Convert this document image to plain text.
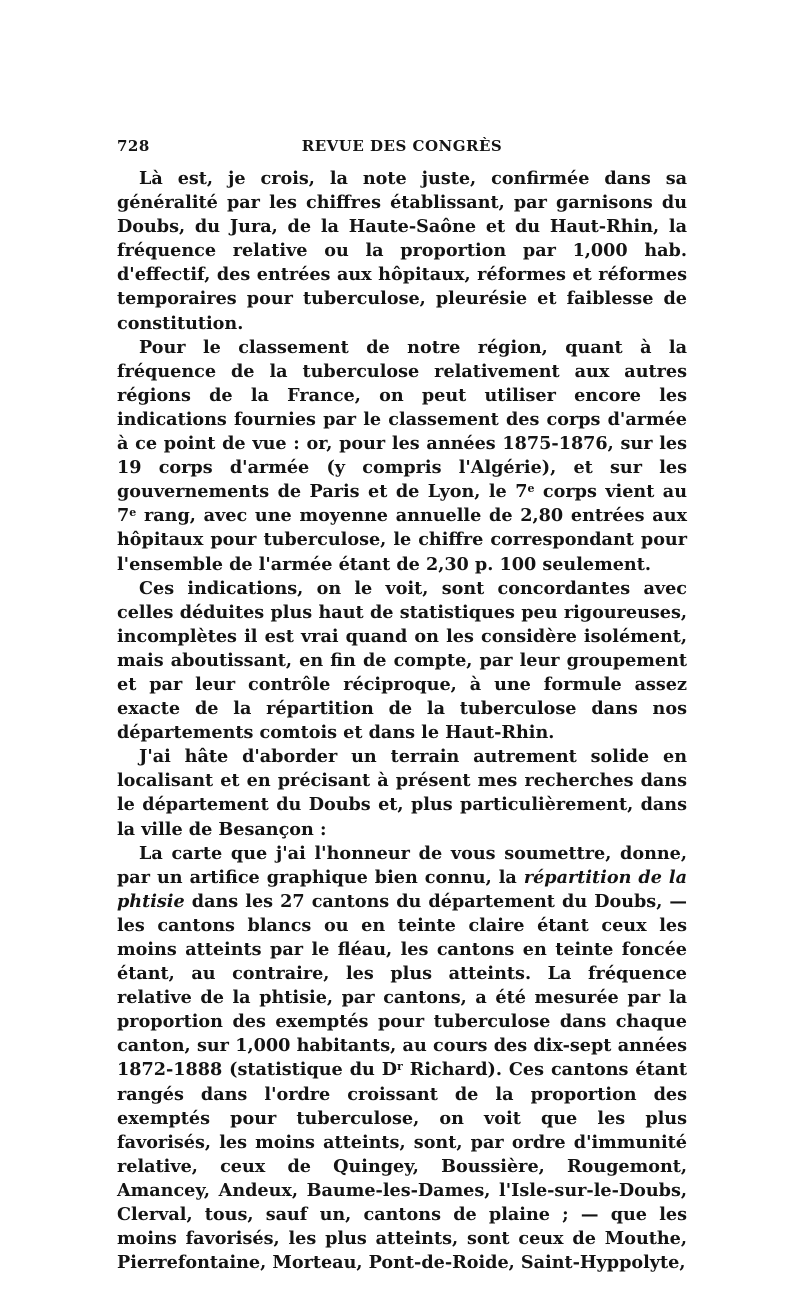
728	REVUE DES CONGRÈS

Là est, je crois, la note juste, confirmée dans sa généralité par les chiffres établissant, par garnisons du Doubs, du Jura, de la Haute-Saône et du Haut-Rhin, la fréquence relative ou la proportion par 1,000 hab. d'effectif, des entrées aux hôpitaux, réformes et réformes temporaires pour tuberculose, pleurésie et faiblesse de constitution.

Pour le classement de notre région, quant à la fréquence de la tuberculose relativement aux autres régions de la France, on peut utiliser encore les indications fournies par le classement des corps d'armée à ce point de vue : or, pour les années 1875-1876, sur les 19 corps d'armée (y compris l'Algérie), et sur les gouvernements de Paris et de Lyon, le 7e corps vient au 7e rang, avec une moyenne annuelle de 2,80 entrées aux hôpitaux pour tuberculose, le chiffre correspondant pour l'ensemble de l'armée étant de 2,30 p. 100 seulement.

Ces indications, on le voit, sont concordantes avec celles déduites plus haut de statistiques peu rigoureuses, incomplètes il est vrai quand on les considère isolément, mais aboutissant, en fin de compte, par leur groupement et par leur contrôle réciproque, à une formule assez exacte de la répartition de la tuberculose dans nos départements comtois et dans le Haut-Rhin.

J'ai hâte d'aborder un terrain autrement solide en localisant et en précisant à présent mes recherches dans le département du Doubs et, plus particulièrement, dans la ville de Besançon :

La carte que j'ai l'honneur de vous soumettre, donne, par un artifice graphique bien connu, la répartition de la phtisie dans les 27 cantons du département du Doubs, — les cantons blancs ou en teinte claire étant ceux les moins atteints par le fléau, les cantons en teinte foncée étant, au contraire, les plus atteints. La fréquence relative de la phtisie, par cantons, a été mesurée par la proportion des exemptés pour tuberculose dans chaque canton, sur 1,000 habitants, au cours des dix-sept années 1872-1888 (statistique du $D^r$ Richard). Ces cantons étant rangés dans l'ordre croissant de la proportion des exemptés pour tuberculose, on voit que les plus favorisés, les moins atteints, sont, par ordre d'immunité relative, ceux de Quingey, Boussière, Rougemont, Amancey, Andeux, Baume-les-Dames, l'Isle-sur-le-Doubs, Clerval, tous, sauf un, cantons de plaine ; — que les moins favorisés, les plus atteints, sont ceux de Mouthe, Pierrefontaine, Morteau, Pont-de-Roide, Saint-Hyppolyte,
